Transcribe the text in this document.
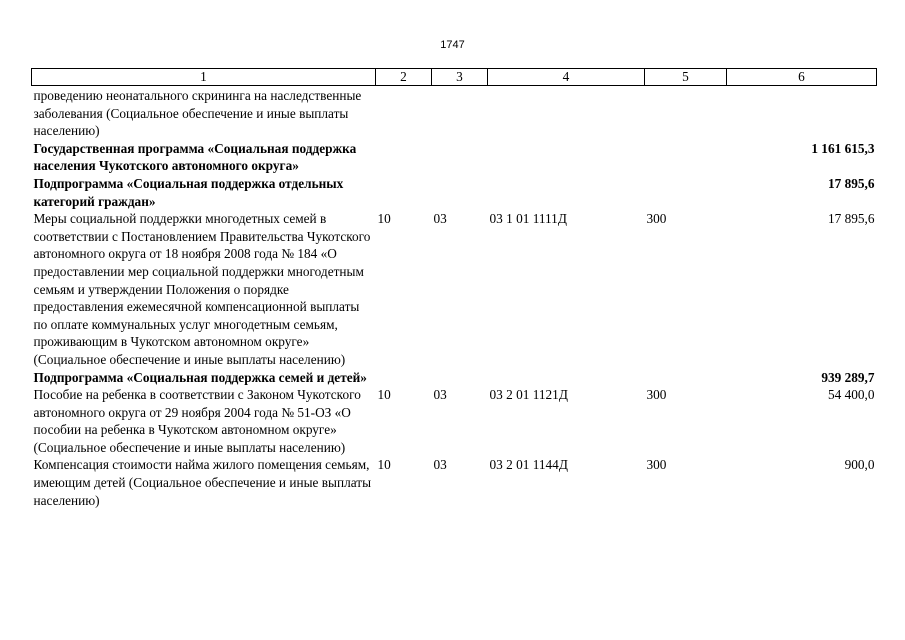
1747
1	2	3	4	5	6
проведению неонатального скрининга на наследственные заболевания (Социальное обеспечение и иные выплаты населению)					
Государственная программа «Социальная поддержка населения Чукотского автономного округа»					1 161 615,3
Подпрограмма «Социальная поддержка отдельных категорий граждан»					17 895,6
Меры социальной поддержки многодетных семей в соответствии с Постановлением Правительства Чукотского автономного округа от 18 ноября 2008 года № 184 «О предоставлении мер социальной поддержки многодетным семьям и утверждении Положения о порядке предоставления ежемесячной компенсационной выплаты по оплате коммунальных услуг многодетным семьям, проживающим в Чукотском автономном округе» (Социальное обеспечение и иные выплаты населению)	10	03	03 1 01 1111Д	300	17 895,6
Подпрограмма «Социальная поддержка семей и детей»					939 289,7
Пособие на ребенка в соответствии с Законом Чукотского автономного округа от 29 ноября 2004 года № 51-ОЗ «О пособии на ребенка в Чукотском автономном округе» (Социальное обеспечение и иные выплаты населению)	10	03	03 2 01 1121Д	300	54 400,0
Компенсация стоимости найма жилого помещения семьям, имеющим детей (Социальное обеспечение и иные выплаты населению)	10	03	03 2 01 1144Д	300	900,0
